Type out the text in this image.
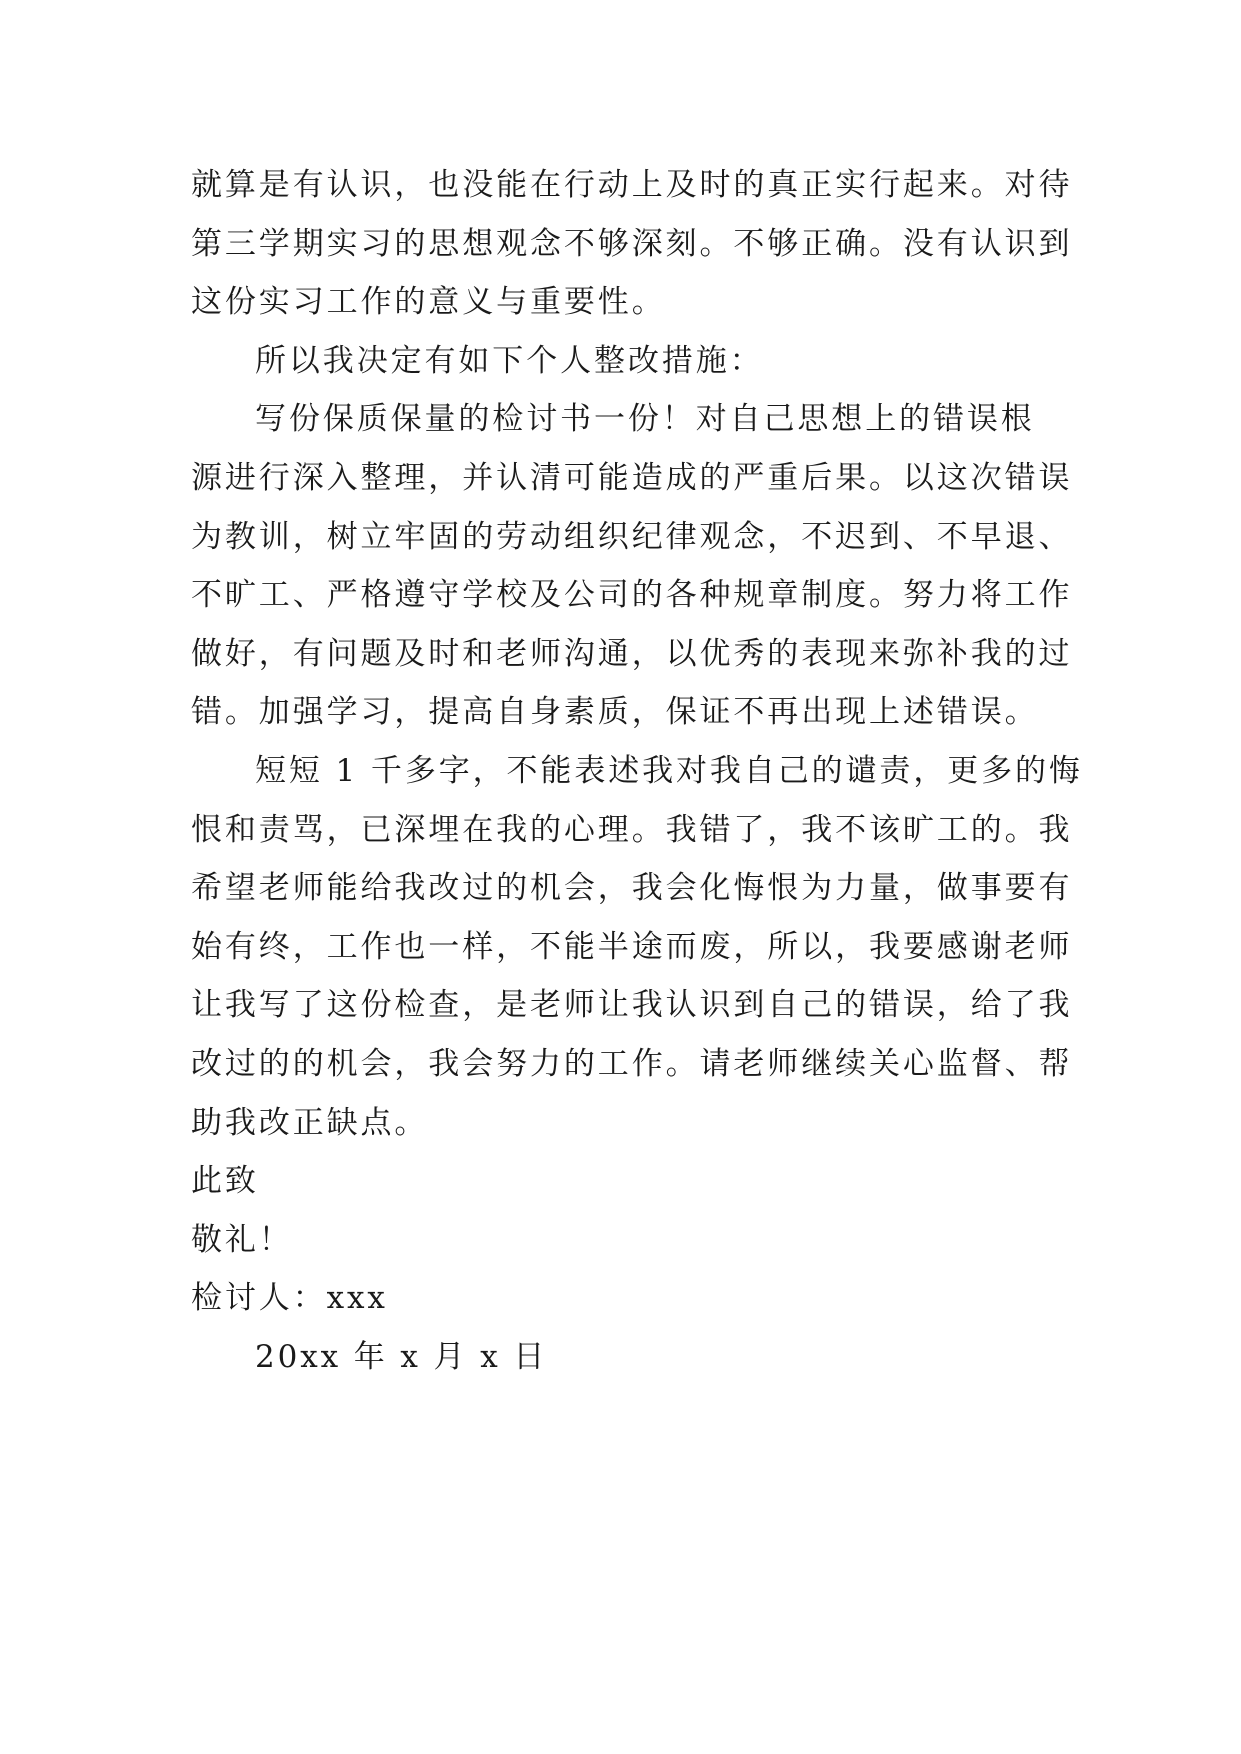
就算是有认识，也没能在行动上及时的真正实行起来。对待
第三学期实习的思想观念不够深刻。不够正确。没有认识到
这份实习工作的意义与重要性。
所以我决定有如下个人整改措施：
写份保质保量的检讨书一份！对自己思想上的错误根
源进行深入整理，并认清可能造成的严重后果。以这次错误
为教训，树立牢固的劳动组织纪律观念，不迟到、不早退、
不旷工、严格遵守学校及公司的各种规章制度。努力将工作
做好，有问题及时和老师沟通，以优秀的表现来弥补我的过
错。加强学习，提高自身素质，保证不再出现上述错误。
短短 1 千多字，不能表述我对我自己的谴责，更多的悔
恨和责骂，已深埋在我的心理。我错了，我不该旷工的。我
希望老师能给我改过的机会，我会化悔恨为力量，做事要有
始有终，工作也一样，不能半途而废，所以，我要感谢老师
让我写了这份检查，是老师让我认识到自己的错误，给了我
改过的的机会，我会努力的工作。请老师继续关心监督、帮
助我改正缺点。
此致
敬礼！
检讨人：xxx
20xx 年 x 月 x 日
